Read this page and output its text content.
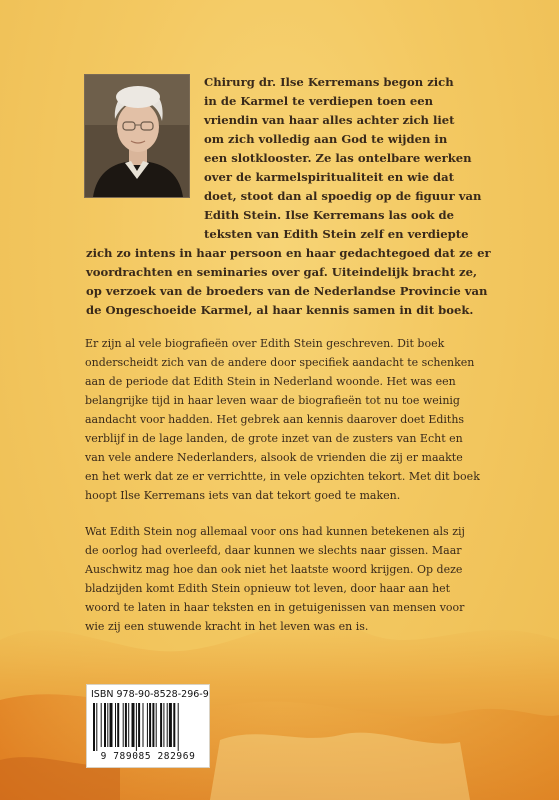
Chirurg dr. Ilse Kerremans begon zich
in de Karmel te verdiepen toen een
vriendin van haar alles achter zich liet
om zich volledig aan God te wijden in
een slotklooster. Ze las ontelbare werken
over de karmelspiritualiteit en wie dat
doet, stoot dan al spoedig op de figuur van
Edith Stein. Ilse Kerremans las ook de
teksten van Edith Stein zelf en verdiepte
zich zo intens in haar persoon en haar gedachtegoed dat ze er
voordrachten en seminaries over gaf. Uiteindelijk bracht ze,
op verzoek van de broeders van de Nederlandse Provincie van
de Ongeschoeide Karmel, al haar kennis samen in dit boek.
Er zijn al vele biografieën over Edith Stein geschreven. Dit boek
onderscheidt zich van de andere door specifiek aandacht te schenken
aan de periode dat Edith Stein in Nederland woonde. Het was een
belangrijke tijd in haar leven waar de biografieën tot nu toe weinig
aandacht voor hadden. Het gebrek aan kennis daarover doet Ediths
verblijf in de lage landen, de grote inzet van de zusters van Echt en
van vele andere Nederlanders, alsook de vrienden die zij er maakte
en het werk dat ze er verrichtte, in vele opzichten tekort. Met dit boek
hoopt Ilse Kerremans iets van dat tekort goed te maken.
Wat Edith Stein nog allemaal voor ons had kunnen betekenen als zij
de oorlog had overleefd, daar kunnen we slechts naar gissen. Maar
Auschwitz mag hoe dan ook niet het laatste woord krijgen. Op deze
bladzijden komt Edith Stein opnieuw tot leven, door haar aan het
woord te laten in haar teksten en in getuigenissen van mensen voor
wie zij een stuwende kracht in het leven was en is.
ISBN 978-90-8528-296-9
9 789085 282969
